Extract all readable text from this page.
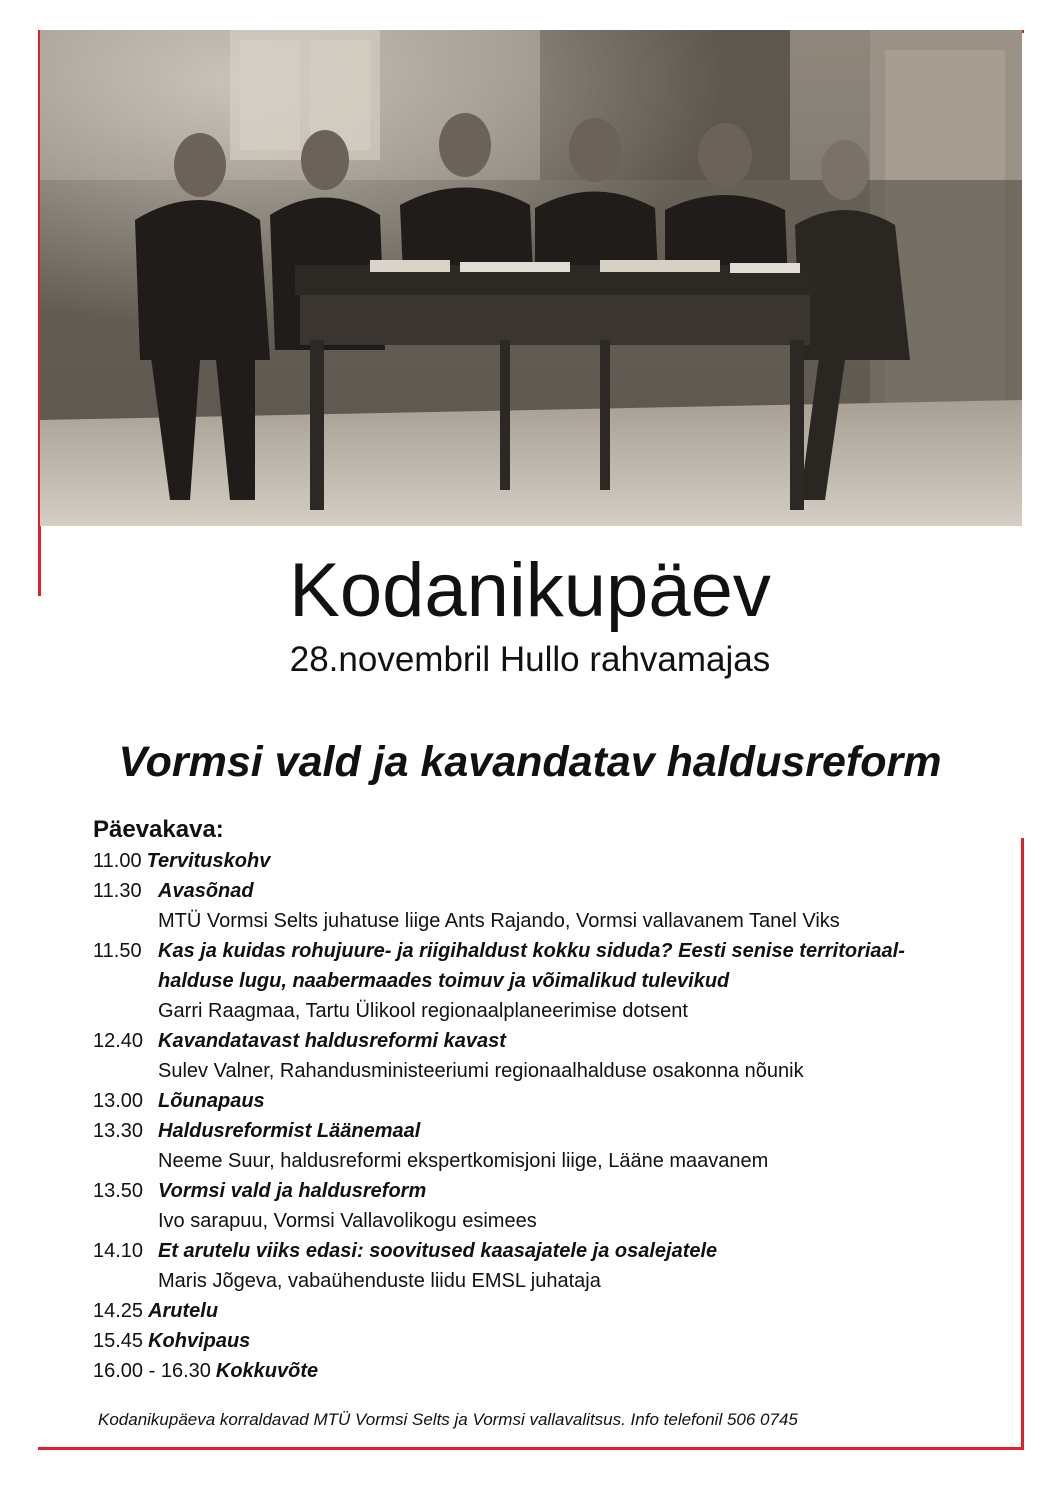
Kodanikupäev
28.novembril Hullo rahvamajas
Vormsi vald ja kavandatav haldusreform
Päevakava:
11.00 Tervituskohv
11.30 Avasõnad
MTÜ Vormsi Selts juhatuse liige Ants Rajando, Vormsi vallavanem Tanel Viks
11.50 Kas ja kuidas rohujuure- ja riigihaldust kokku siduda? Eesti senise territoriaal-
halduse lugu, naabermaades toimuv ja võimalikud tulevikud
Garri Raagmaa, Tartu Ülikool regionaalplaneerimise dotsent
12.40 Kavandatavast haldusreformi kavast
Sulev Valner, Rahandusministeeriumi regionaalhalduse osakonna nõunik
13.00 Lõunapaus
13.30 Haldusreformist Läänemaal
Neeme Suur, haldusreformi ekspertkomisjoni liige, Lääne maavanem
13.50 Vormsi vald ja haldusreform
Ivo sarapuu, Vormsi Vallavolikogu esimees
14.10 Et arutelu viiks edasi: soovitused kaasajatele ja osalejatele
Maris Jõgeva, vabaühenduste liidu EMSL juhataja
14.25 Arutelu
15.45 Kohvipaus
16.00 - 16.30 Kokkuvõte
Kodanikupäeva korraldavad MTÜ Vormsi Selts ja Vormsi vallavalitsus. Info telefonil 506 0745
